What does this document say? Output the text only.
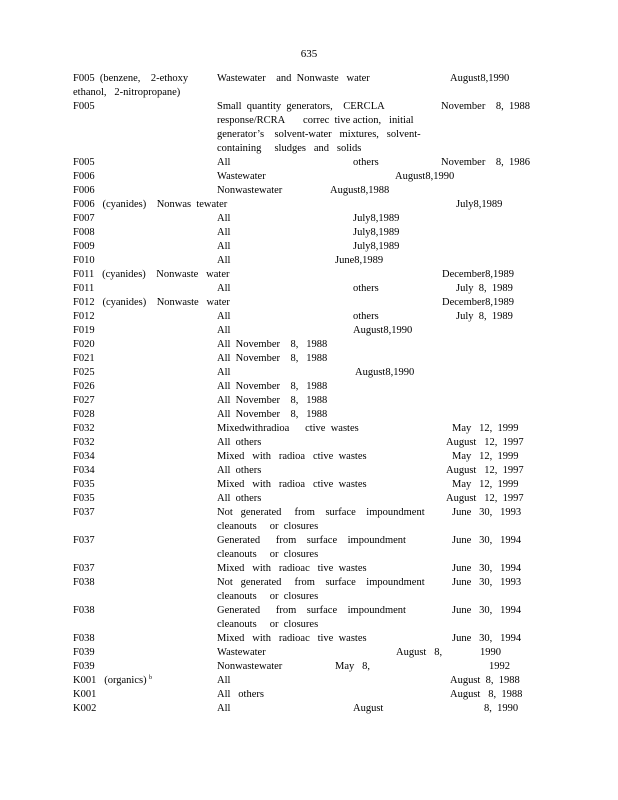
635
F005  (benzene,    2-ethoxy	Wastewater    and  Nonwaste   water	August8,1990
ethanol,   2-nitropropane)
F005	Small  quantity  generators,    CERCLA	November    8,  1988
response/RCRA       correc  tive action,   initial
generator’s    solvent-water   mixtures,   solvent-
containing     sludges   and   solids
F005	All	others	November    8,  1986
F006	Wastewater	August8,1990
F006	Nonwastewater	August8,1988
F006   (cyanides)    Nonwas  tewater	July8,1989
F007	All	July8,1989
F008	All	July8,1989
F009	All	July8,1989
F010	All	June8,1989
F011   (cyanides)    Nonwaste   water	December8,1989
F011	All	others	July  8,  1989
F012   (cyanides)    Nonwaste   water	December8,1989
F012	All	others	July  8,  1989
F019	All	August8,1990
F020	All  November    8,   1988
F021	All  November    8,   1988
F025	All	August8,1990
F026	All  November    8,   1988
F027	All  November    8,   1988
F028	All  November    8,   1988
F032	Mixedwithradioa      ctive  wastes	May   12,  1999
F032	All  others	August   12,  1997
F034	Mixed   with   radioa   ctive  wastes	May   12,  1999
F034	All  others	August   12,  1997
F035	Mixed   with   radioa   ctive  wastes	May   12,  1999
F035	All  others	August   12,  1997
F037	Not   generated     from    surface    impoundment	June   30,   1993
cleanouts     or  closures
F037	Generated      from    surface    impoundment	June   30,   1994
cleanouts     or  closures
F037	Mixed   with   radioac   tive  wastes	June   30,   1994
F038	Not   generated     from    surface    impoundment	June   30,   1993
cleanouts     or  closures
F038	Generated      from    surface    impoundment	June   30,   1994
cleanouts     or  closures
F038	Mixed   with   radioac   tive  wastes	June   30,   1994
F039	Wastewater	August   8,	1990
F039	Nonwastewater	May   8,	1992
K001   (organics) b	All	August  8,  1988
K001	All   others	August   8,  1988
K002	All	August	8,  1990
